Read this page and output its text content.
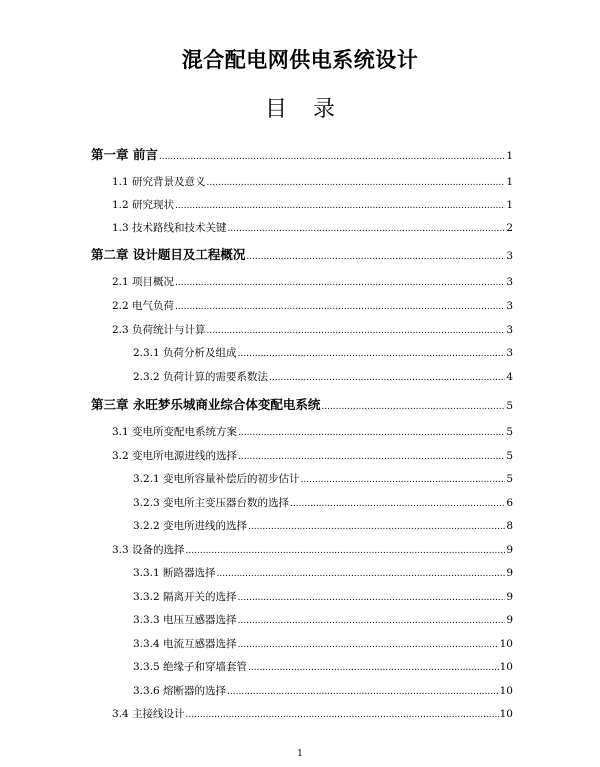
混合配电网供电系统设计
目 录
第一章 前言 .....	1
1.1 研究背景及意义 .....	1
1.2 研究现状 .....	1
1.3 技术路线和技术关键 .....	2
第二章 设计题目及工程概况 .....	3
2.1 项目概况 .....	3
2.2 电气负荷 .....	3
2.3 负荷统计与计算 .....	3
2.3.1 负荷分析及组成 .....	3
2.3.2 负荷计算的需要系数法 .....	4
第三章 永旺梦乐城商业综合体变配电系统 .....	5
3.1 变电所变配电系统方案 .....	5
3.2 变电所电源进线的选择 .....	5
3.2.1 变电所容量补偿后的初步估计 .....	5
3.2.3 变电所主变压器台数的选择 .....	6
3.2.2 变电所进线的选择 .....	8
3.3 设备的选择 .....	9
3.3.1 断路器选择 .....	9
3.3.2 隔离开关的选择 .....	9
3.3.3 电压互感器选择 .....	9
3.3.4 电流互感器选择 .....	10
3.3.5 绝缘子和穿墙套管 .....	10
3.3.6 熔断器的选择 .....	10
3.4 主接线设计 .....	10
1
